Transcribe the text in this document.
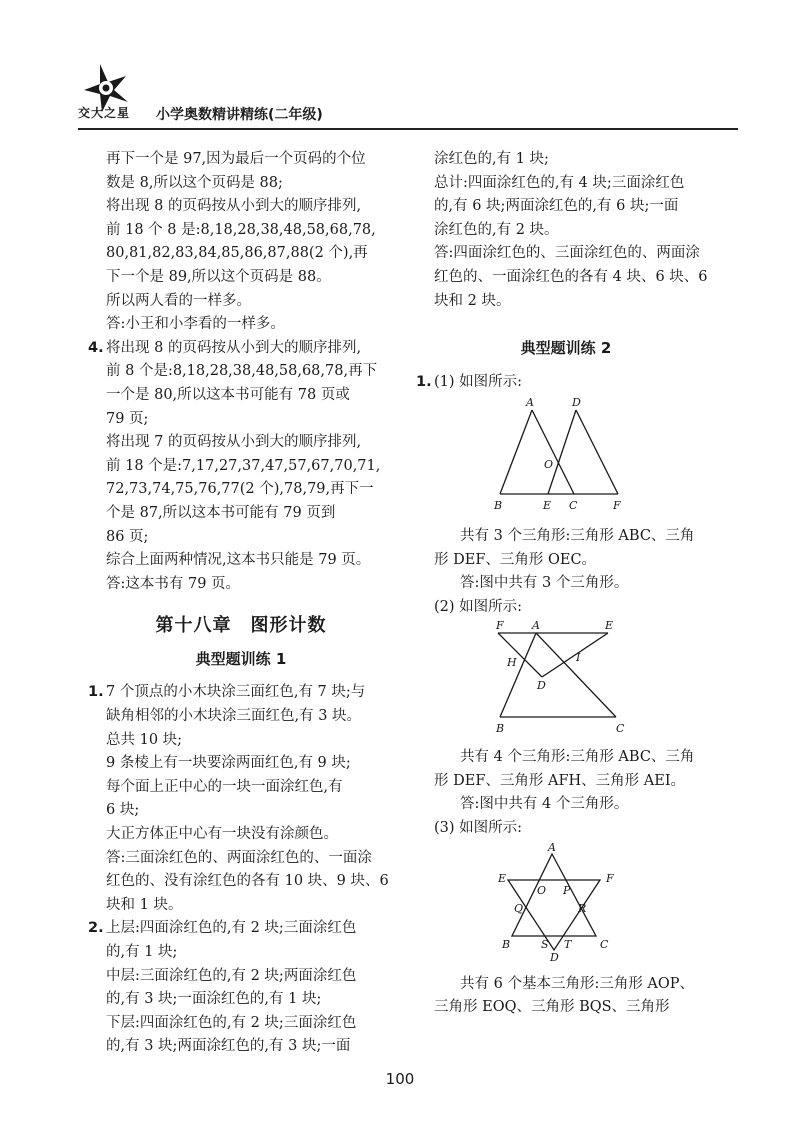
交大之星 小学奥数精讲精练(二年级)
再下一个是 97,因为最后一个页码的个位
数是 8,所以这个页码是 88;
将出现 8 的页码按从小到大的顺序排列,
前 18 个 8 是:8,18,28,38,48,58,68,78,
80,81,82,83,84,85,86,87,88(2 个),再
下一个是 89,所以这个页码是 88。
所以两人看的一样多。
答:小王和小李看的一样多。
4. 将出现 8 的页码按从小到大的顺序排列,
前 8 个是:8,18,28,38,48,58,68,78,再下
一个是 80,所以这本书可能有 78 页或
79 页;
将出现 7 的页码按从小到大的顺序排列,
前 18 个是:7,17,27,37,47,57,67,70,71,
72,73,74,75,76,77(2 个),78,79,再下一
个是 87,所以这本书可能有 79 页到
86 页;
综合上面两种情况,这本书只能是 79 页。
答:这本书有 79 页。
第十八章　图形计数
典型题训练 1
1. 7 个顶点的小木块涂三面红色,有 7 块;与
缺角相邻的小木块涂三面红色,有 3 块。
总共 10 块;
9 条棱上有一块要涂两面红色,有 9 块;
每个面上正中心的一块一面涂红色,有
6 块;
大正方体正中心有一块没有涂颜色。
答:三面涂红色的、两面涂红色的、一面涂
红色的、没有涂红色的各有 10 块、9 块、6
块和 1 块。
2. 上层:四面涂红色的,有 2 块;三面涂红色
的,有 1 块;
中层:三面涂红色的,有 2 块;两面涂红色
的,有 3 块;一面涂红色的,有 1 块;
下层:四面涂红色的,有 2 块;三面涂红色
的,有 3 块;两面涂红色的,有 3 块;一面
涂红色的,有 1 块;
总计:四面涂红色的,有 4 块;三面涂红色
的,有 6 块;两面涂红色的,有 6 块;一面
涂红色的,有 2 块。
答:四面涂红色的、三面涂红色的、两面涂
红色的、一面涂红色的各有 4 块、6 块、6
块和 2 块。
典型题训练 2
1. (1) 如图所示:
A	D
O
B	E C	F
共有 3 个三角形:三角形 ABC、三角
形 DEF、三角形 OEC。
答:图中共有 3 个三角形。
(2) 如图所示:
F	A	E
H	I
D
B	C
共有 4 个三角形:三角形 ABC、三角
形 DEF、三角形 AFH、三角形 AEI。
答:图中共有 4 个三角形。
(3) 如图所示:
A
E	F
O P
Q	R
B	S T	C
D
共有 6 个基本三角形:三角形 AOP、
三角形 EOQ、三角形 BQS、三角形
100
